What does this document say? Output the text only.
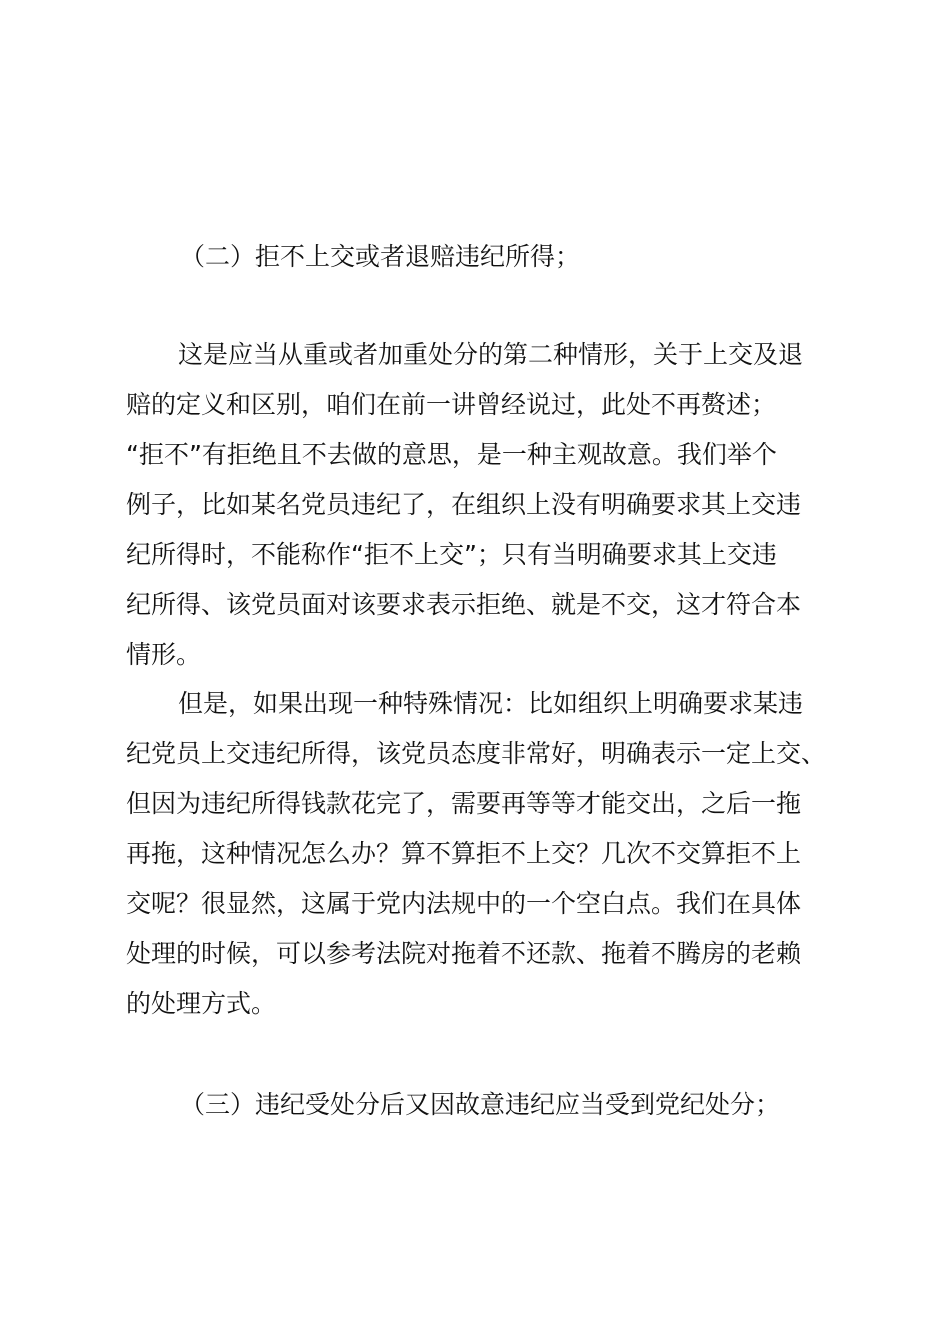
（二）拒不上交或者退赔违纪所得；
这是应当从重或者加重处分的第二种情形，关于上交及退
赔的定义和区别，咱们在前一讲曾经说过，此处不再赘述；
“拒不”有拒绝且不去做的意思，是一种主观故意。我们举个
例子，比如某名党员违纪了，在组织上没有明确要求其上交违
纪所得时，不能称作“拒不上交”；只有当明确要求其上交违
纪所得、该党员面对该要求表示拒绝、就是不交，这才符合本
情形。
但是，如果出现一种特殊情况：比如组织上明确要求某违
纪党员上交违纪所得，该党员态度非常好，明确表示一定上交、
但因为违纪所得钱款花完了，需要再等等才能交出，之后一拖
再拖，这种情况怎么办？算不算拒不上交？几次不交算拒不上
交呢？很显然，这属于党内法规中的一个空白点。我们在具体
处理的时候，可以参考法院对拖着不还款、拖着不腾房的老赖
的处理方式。
（三）违纪受处分后又因故意违纪应当受到党纪处分；
